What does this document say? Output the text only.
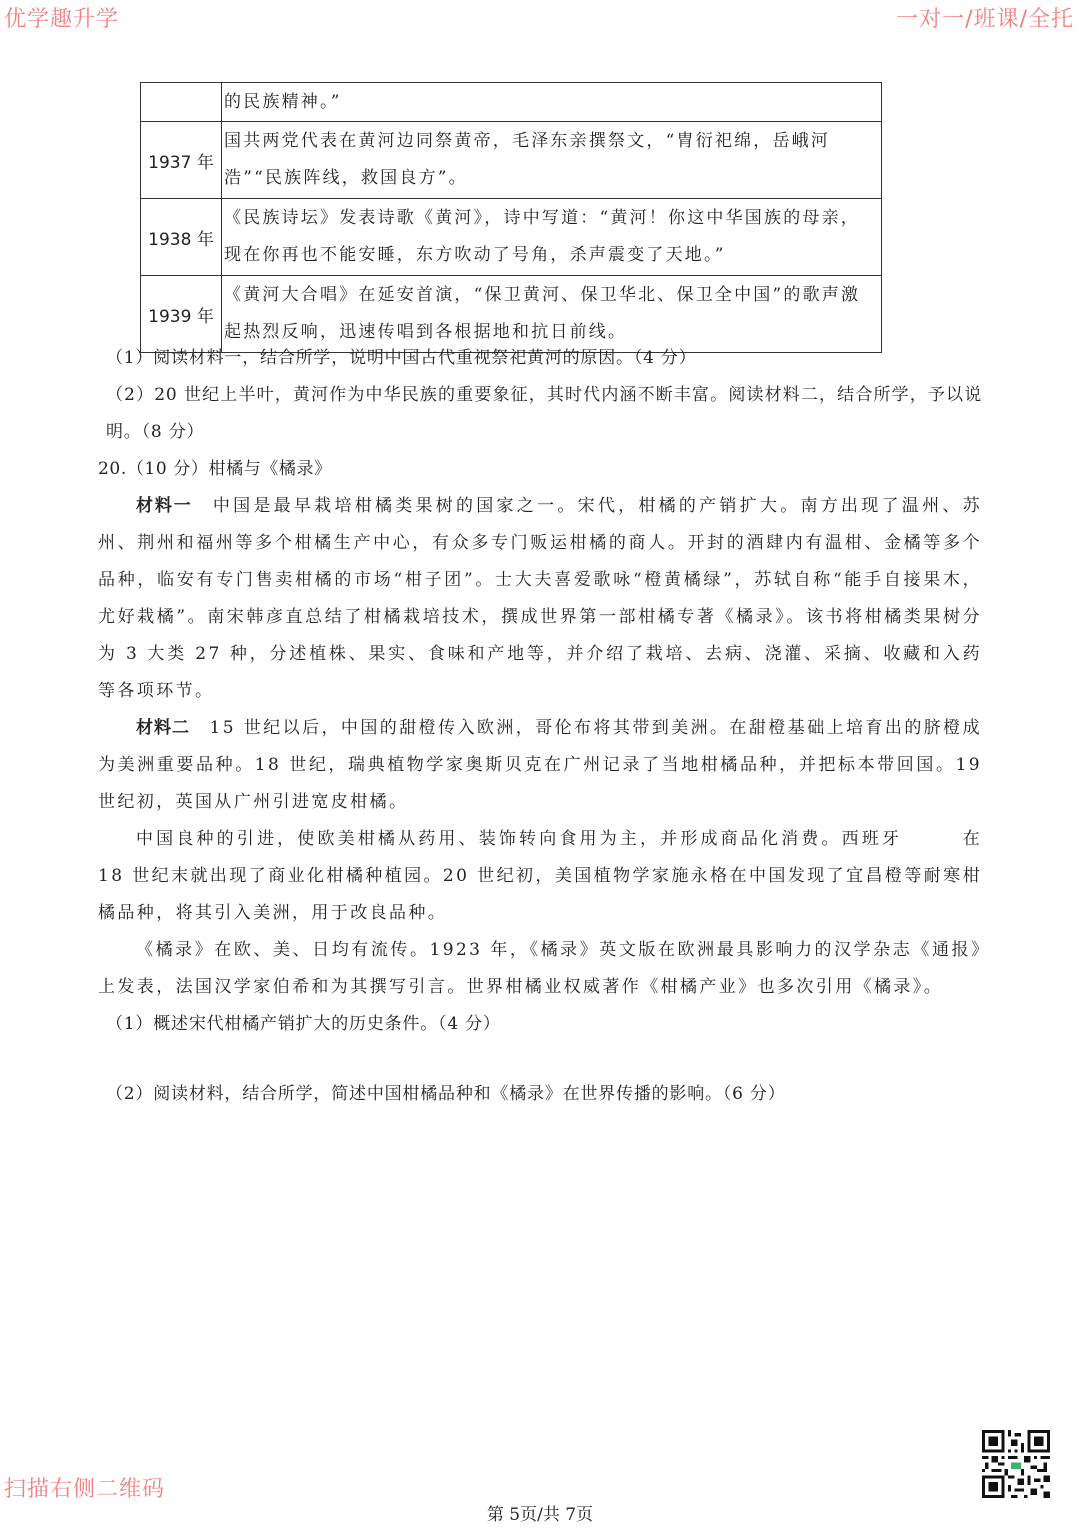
优学趣升学	一对一/班课/全托
	的民族精神。”
1937 年	国共两党代表在黄河边同祭黄帝，毛泽东亲撰祭文，“胄衍祀绵，岳峨河浩”“民族阵线，救国良方”。
1938 年	《民族诗坛》发表诗歌《黄河》，诗中写道：“黄河！你这中华国族的母亲，现在你再也不能安睡，东方吹动了号角，杀声震变了天地。”
1939 年	《黄河大合唱》在延安首演，“保卫黄河、保卫华北、保卫全中国”的歌声激起热烈反响，迅速传唱到各根据地和抗日前线。

（1）阅读材料一，结合所学，说明中国古代重视祭祀黄河的原因。（4 分）

（2）20 世纪上半叶，黄河作为中华民族的重要象征，其时代内涵不断丰富。阅读材料二，结合所学，予以说明。（8 分）

20.（10 分）柑橘与《橘录》

材料一　 中国是最早栽培柑橘类果树的国家之一。宋代，柑橘的产销扩大。南方出现了温州、苏州、荆州和福州等多个柑橘生产中心，有众多专门贩运柑橘的商人。开封的酒肆内有温柑、金橘等多个品种，临安有专门售卖柑橘的市场“柑子团”。士大夫喜爱歌咏“橙黄橘绿”，苏轼自称“能手自接果木，尤好栽橘”。南宋韩彦直总结了柑橘栽培技术，撰成世界第一部柑橘专著《橘录》。该书将柑橘类果树分为 3 大类 27 种，分述植株、果实、食味和产地等，并介绍了栽培、去病、浇灌、采摘、收藏和入药等各项环节。

材料二　 15 世纪以后，中国的甜橙传入欧洲，哥伦布将其带到美洲。在甜橙基础上培育出的脐橙成为美洲重要品种。18 世纪，瑞典植物学家奥斯贝克在广州记录了当地柑橘品种，并把标本带回国。19 世纪初，英国从广州引进宽皮柑橘。

中国良种的引进，使欧美柑橘从药用、装饰转向食用为主，并形成商品化消费。西班牙　　　在 18 世纪末就出现了商业化柑橘种植园。20 世纪初，美国植物学家施永格在中国发现了宜昌橙等耐寒柑橘品种，将其引入美洲，用于改良品种。

《橘录》在欧、美、日均有流传。1923 年，《橘录》英文版在欧洲最具影响力的汉学杂志《通报》上发表，法国汉学家伯希和为其撰写引言。世界柑橘业权威著作《柑橘产业》也多次引用《橘录》。

（1）概述宋代柑橘产销扩大的历史条件。（4 分）

（2）阅读材料，结合所学，简述中国柑橘品种和《橘录》在世界传播的影响。（6 分）

扫描右侧二维码
第 5页/共 7页
